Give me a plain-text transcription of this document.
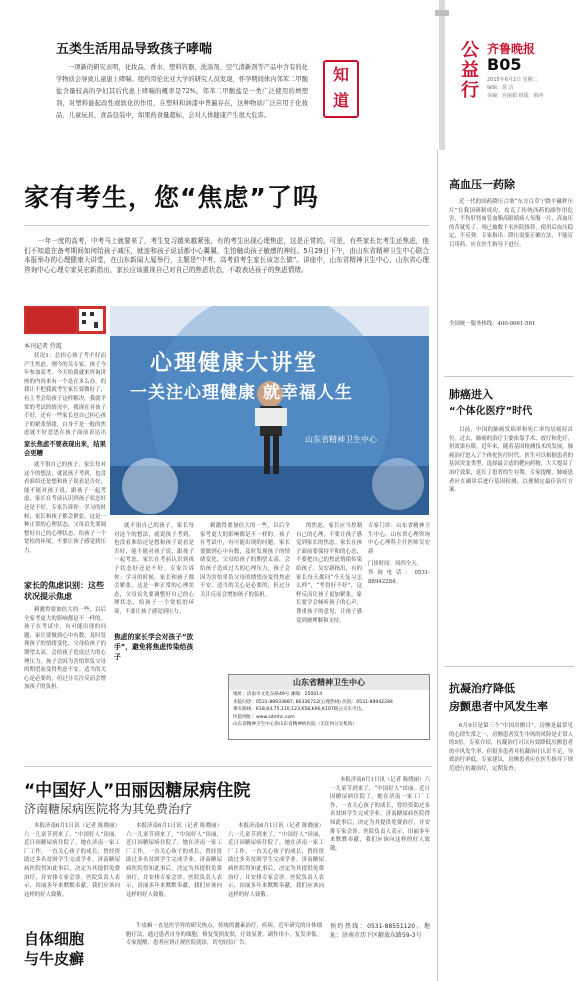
五类生活用品导致孩子哮喘
一项新的研究表明，化妆品、香水、塑料容器、洗涤剂、空气清新剂等产品中含有的化学物质会导致儿童患上哮喘。纽约哥伦比亚大学的研究人员发现，怀孕期间体内邻苯二甲酸盐含量较高的孕妇其后代患上哮喘的概率是72%。邻苯二甲酸盐是一类广泛使用的增塑剂，对塑料能起改性或软化的作用，在塑料和油漆中普遍存在，这种物质广泛应用于化妆品、儿童玩具、食品包装中，如果药食量超标，会对人体健康产生很大危害。
知
道
公益行 齐鲁晚报
B05
2015年6月2日 星期二
编辑：徐 洁
美编：宫丽娟 组版：韩冉
家有考生，您“焦虑”了吗
一年一度的高考，中考马上就要来了，考生复习越来越紧张，有的考生出现心理焦虑，这是正常的。可是，有些家长比考生还焦虑，他们不知道在备考期间如何给孩子减压，就连和孩子说话都小心翼翼，生怕触动孩子敏感的神经。5月29日下午，由山东省精神卫生中心联合本报举办的心理健康大讲堂，在山东新闻大厦举行，主题是“中考、高考前考生家长该怎么做”。讲座中，山东省精神卫生中心、山东省心理咨询中心心理专家吴宏新指出，家长应该重视自己对自己的焦虑状态，不敢表达孩子的焦虑情绪。
本刊记者 侍霞
心理健康大讲堂
一关注心理健康 就幸福人生
山东省精神卫生中心
状况1：总担心孩子考不好而产生焦虑。刚今的吴专家，孩子今年参加高考，今天给我就来咨询讲座的内容来有一个是在多么办，的我让不把我就考生家长要做好了，有上考会给孩子这样解决。我就平常的考试的情况中，我现在对孩子不好，还有一些家长也自己担心孩子的紧张情绪，自身不是一般的焦虑就不好意思在孩子面前表达出
家长焦虑不要表现出来，结果会更糟
就不很自己的孩子，家长每对这个的想法，就说孩子考到，也没看准给还是想和孩子说看是否好，能不能对孩子说，跟孩子一起考虑，家长在考前认识到孩子状态好还是不好。专家告诉你：学习的时候，家长和孩子都会紧张，这是一种正常的心理状态，父母首先要调整好自己的心理状态，给孩子一个宽松的环境，不要让孩子感觉到压力。
家长的焦虑识别：这些状况提示焦虑
刺激得要加倍大的一些，以后全家考更大的影响都是不一样的。孩子在考试中，有可能出现的问题，家长要做到心中有数，及时发现孩子的情绪变化。父母给孩子的期望太高，会给孩子造成过大的心理压力，孩子会因为害怕辜负父母的期望而变得焦虑不安。适当的关心是必要的，但过分关注反而会增加孩子的负担。
就不很自己的孩子，家长每对这个的想法，就说孩子考到，也没看准给还是想和孩子说看是否好，能不能对孩子说，跟孩子一起考虑，家长在考前认识到孩子状态好还是不好。专家告诉你：学习的时候，家长和孩子都会紧张，这是一种正常的心理状态，父母首先要调整好自己的心理状态，给孩子一个宽松的环境，不要让孩子感觉到压力。
焦虑的家长学会对孩子“放手”，避免将焦虑传染给孩子
刺激得要加倍大的一些，以后全家考更大的影响都是不一样的。孩子在考试中，有可能出现的问题，家长要做到心中有数，及时发现孩子的情绪变化。父母给孩子的期望太高，会给孩子造成过大的心理压力，孩子会因为害怕辜负父母的期望而变得焦虑不安。适当的关心是必要的，但过分关注反而会增加孩子的负担。
的焦虑，家长应当控制自己的心理，不要让孩子感觉到家长的焦虑。家长在孩子面前要保持平和的心态，不要把自己的焦虑情绪传染给孩子。吴宏新指出，有的家长每天都问“今天复习怎么样”，“考得好不好”，这样反而让孩子更加紧张。家长要学会倾听孩子的心声，尊重孩子的意见，让孩子感觉到被理解和支持。
专家门诊：山东省精神卫生中心，山东省心理咨询中心心理科主任医师吴宏新
门诊时间：周四全天。
咨询电话：0531-88942284。
山东省精神卫生中心
地址：济南市文化东路49号 邮编：250014
来院问诊：0531-88933887, 86336722(心理热线) 医院：0531-88942284
乘车路线：K18,64,75,110,123,K58,K96,K107路公交车可达。
医院网址：www.sdmhc.com
山东省精神卫生中心原山东省精神病医院（无任何分支机构）
“中国好人”田丽因糖尿病住院
济南糖尿病医院将为其免费治疗
本报济南6月1日讯（记者 陈晓丽）六一儿童节到来了，“中国好人”田丽，近日因糖尿病住院了。她在济南一家工厂工作，一直关心孩子的成长，曾经资助过多名贫困学生完成学业。济南糖尿病医院得知此事后，决定为其提供免费治疗，并安排专家会诊。医院负责人表示，田丽多年来默默奉献，我们应该向这样的好人致敬。
本报济南6月1日讯（记者 陈晓丽）六一儿童节到来了，“中国好人”田丽，近日因糖尿病住院了。她在济南一家工厂工作，一直关心孩子的成长，曾经资助过多名贫困学生完成学业。济南糖尿病医院得知此事后，决定为其提供免费治疗，并安排专家会诊。医院负责人表示，田丽多年来默默奉献，我们应该向这样的好人致敬。
本报济南6月1日讯（记者 陈晓丽）六一儿童节到来了，“中国好人”田丽，近日因糖尿病住院了。她在济南一家工厂工作，一直关心孩子的成长，曾经资助过多名贫困学生完成学业。济南糖尿病医院得知此事后，决定为其提供免费治疗，并安排专家会诊。医院负责人表示，田丽多年来默默奉献，我们应该向这样的好人致敬。
本报济南6月1日讯（记者 陈晓丽）六一儿童节到来了，“中国好人”田丽，近日因糖尿病住院了。她在济南一家工厂工作，一直关心孩子的成长，曾经资助过多名贫困学生完成学业。济南糖尿病医院得知此事后，决定为其提供免费治疗，并安排专家会诊。医院负责人表示，田丽多年来默默奉献，我们应该向这样的好人致敬。
自体细胞
与牛皮癣
牛皮癣一直是医学界的研究热点，传统的激素治疗，疾病、近年研究的自体细胞疗法，通过患者自身的细胞，修复受损皮肤，疗效显著，副作用小，复发率低。专家提醒，患者应到正规医院就诊，切勿轻信广告。
预约热线：0531-88551120。地址：济南市历下区解放东路59-3号
高血压一药除
近一代的国药降压合剂“东方百草宁降平藏秤压片”在我国研制成功，攻克了传统西药的副作用危害，不伤肝肾血管血脂高眼睛病人每服一片，高血压的苦就免了。现已被数千名医院推荐，使用后血压稳定，不反弹。专家指出：降压需要正确方法，不能盲目用药，应在医生指导下进行。
全国统一服务热线：400-0661-561
肺癌进入
“个体化医疗”时代
目前，中国的肺癌发病率和死亡率均居癌症首位。过去，肺癌的治疗主要依靠手术、放疗和化疗，但效果有限。近年来，随着基因检测技术的发展，肺癌治疗进入了个体化医疗时代。医生可以根据患者的基因突变类型，选择最合适的靶向药物，大大提高了治疗效果，延长了患者的生存期。专家提醒，肺癌患者应在确诊后进行基因检测，以便制定最佳治疗方案。
抗凝治疗降低
房颤患者中风发生率
6月9日是第三个“中国房颤日”。房颤是最常见的心律失常之一，房颤患者发生中风的风险是正常人的5倍。专家介绍，抗凝治疗可以有效降低房颤患者的中风发生率，但很多患者对抗凝治疗认识不足，导致治疗率低。专家建议，房颤患者应在医生指导下规范进行抗凝治疗，定期复查。
